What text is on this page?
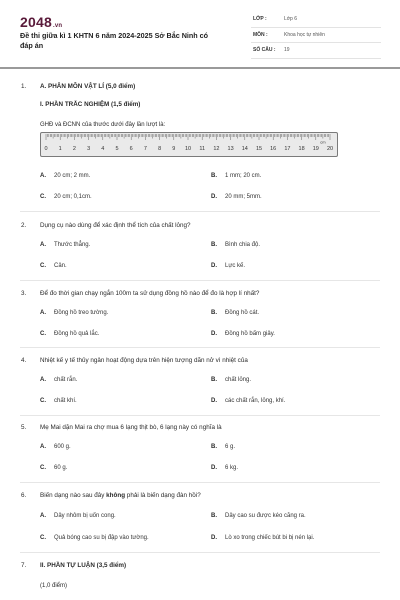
2048.vn
Đề thi giữa kì 1 KHTN 6 năm 2024-2025 Sở Bắc Ninh có đáp án
LỚP :	Lớp 6
MÔN :	Khoa học tự nhiên
SỐ CÂU : 19
1. A. PHÂN MÔN VẬT LÍ (5,0 điểm)
I. PHẦN TRẮC NGHIỆM (1,5 điểm)
GHĐ và ĐCNN của thước dưới đây lần lượt là:
0 1 2 3 4 5 6 7 8 9 10 11 12 13 14 15 16 17 18 19 20
cm
A. 20 cm; 2 mm.	B. 1 mm; 20 cm.
C. 20 cm; 0,1cm.	D. 20 mm; 5mm.
2. Dụng cụ nào dùng để xác định thể tích của chất lỏng?
A. Thước thẳng.	B. Bình chia độ.
C. Cân.	D. Lực kế.
3. Để đo thời gian chạy ngắn 100m ta sử dụng đồng hồ nào để đo là hợp lí nhất?
A. Đồng hồ treo tường.	B. Đồng hồ cát.
C. Đồng hồ quả lắc.	D. Đồng hồ bấm giây.
4. Nhiệt kế y tế thủy ngân hoạt động dựa trên hiện tượng dãn nở vì nhiệt của
A. chất rắn.	B. chất lỏng.
C. chất khí.	D. các chất rắn, lỏng, khí.
5. Mẹ Mai dặn Mai ra chợ mua 6 lạng thịt bò, 6 lạng này có nghĩa là
A. 600 g.	B. 6 g.
C. 60 g.	D. 6 kg.
6. Biến dạng nào sau đây không phải là biến dạng đàn hồi?
A. Dây nhôm bị uốn cong.	B. Dây cao su được kéo căng ra.
C. Quả bóng cao su bị đập vào tường.	D. Lò xo trong chiếc bút bi bị nén lại.
7. II. PHẦN TỰ LUẬN (3,5 điểm)
(1,0 điểm)
